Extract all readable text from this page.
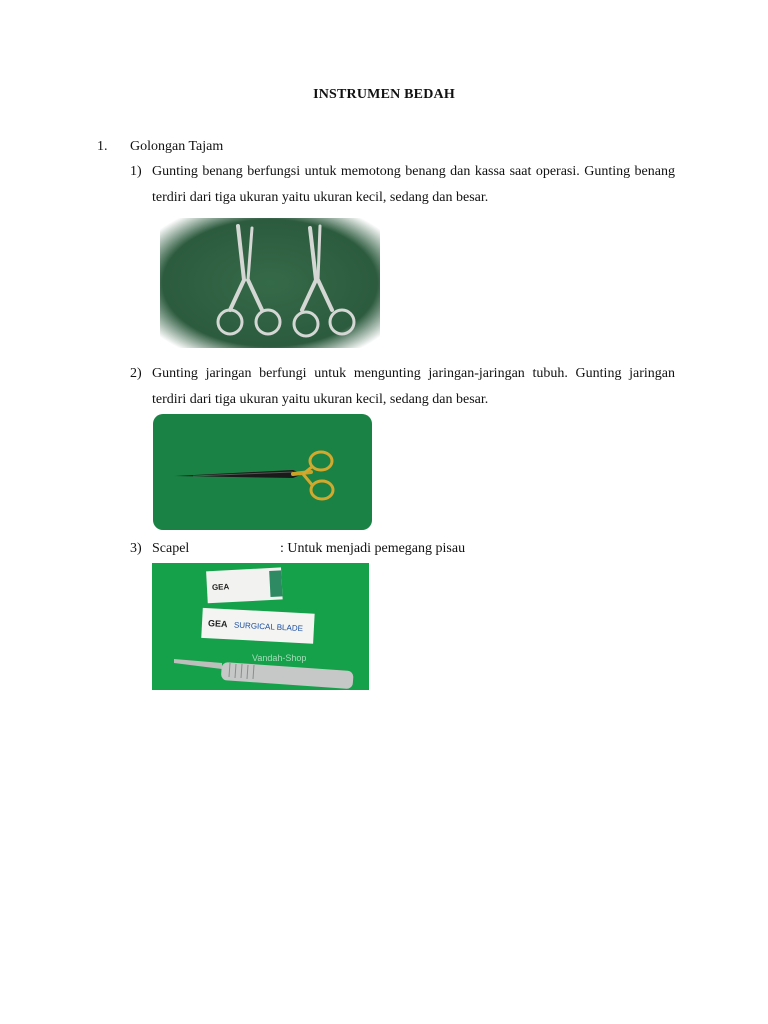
INSTRUMEN BEDAH
1. Golongan Tajam
1) Gunting benang berfungsi untuk memotong benang dan kassa saat operasi. Gunting benang terdiri dari tiga ukuran yaitu ukuran kecil, sedang dan besar.
2) Gunting jaringan berfungi untuk mengunting jaringan-jaringan tubuh. Gunting jaringan terdiri dari tiga ukuran yaitu ukuran kecil, sedang dan besar.
3) Scapel	: Untuk menjadi pemegang pisau
GEA
GEA SURGICAL BLADE
Vandah-Shop
